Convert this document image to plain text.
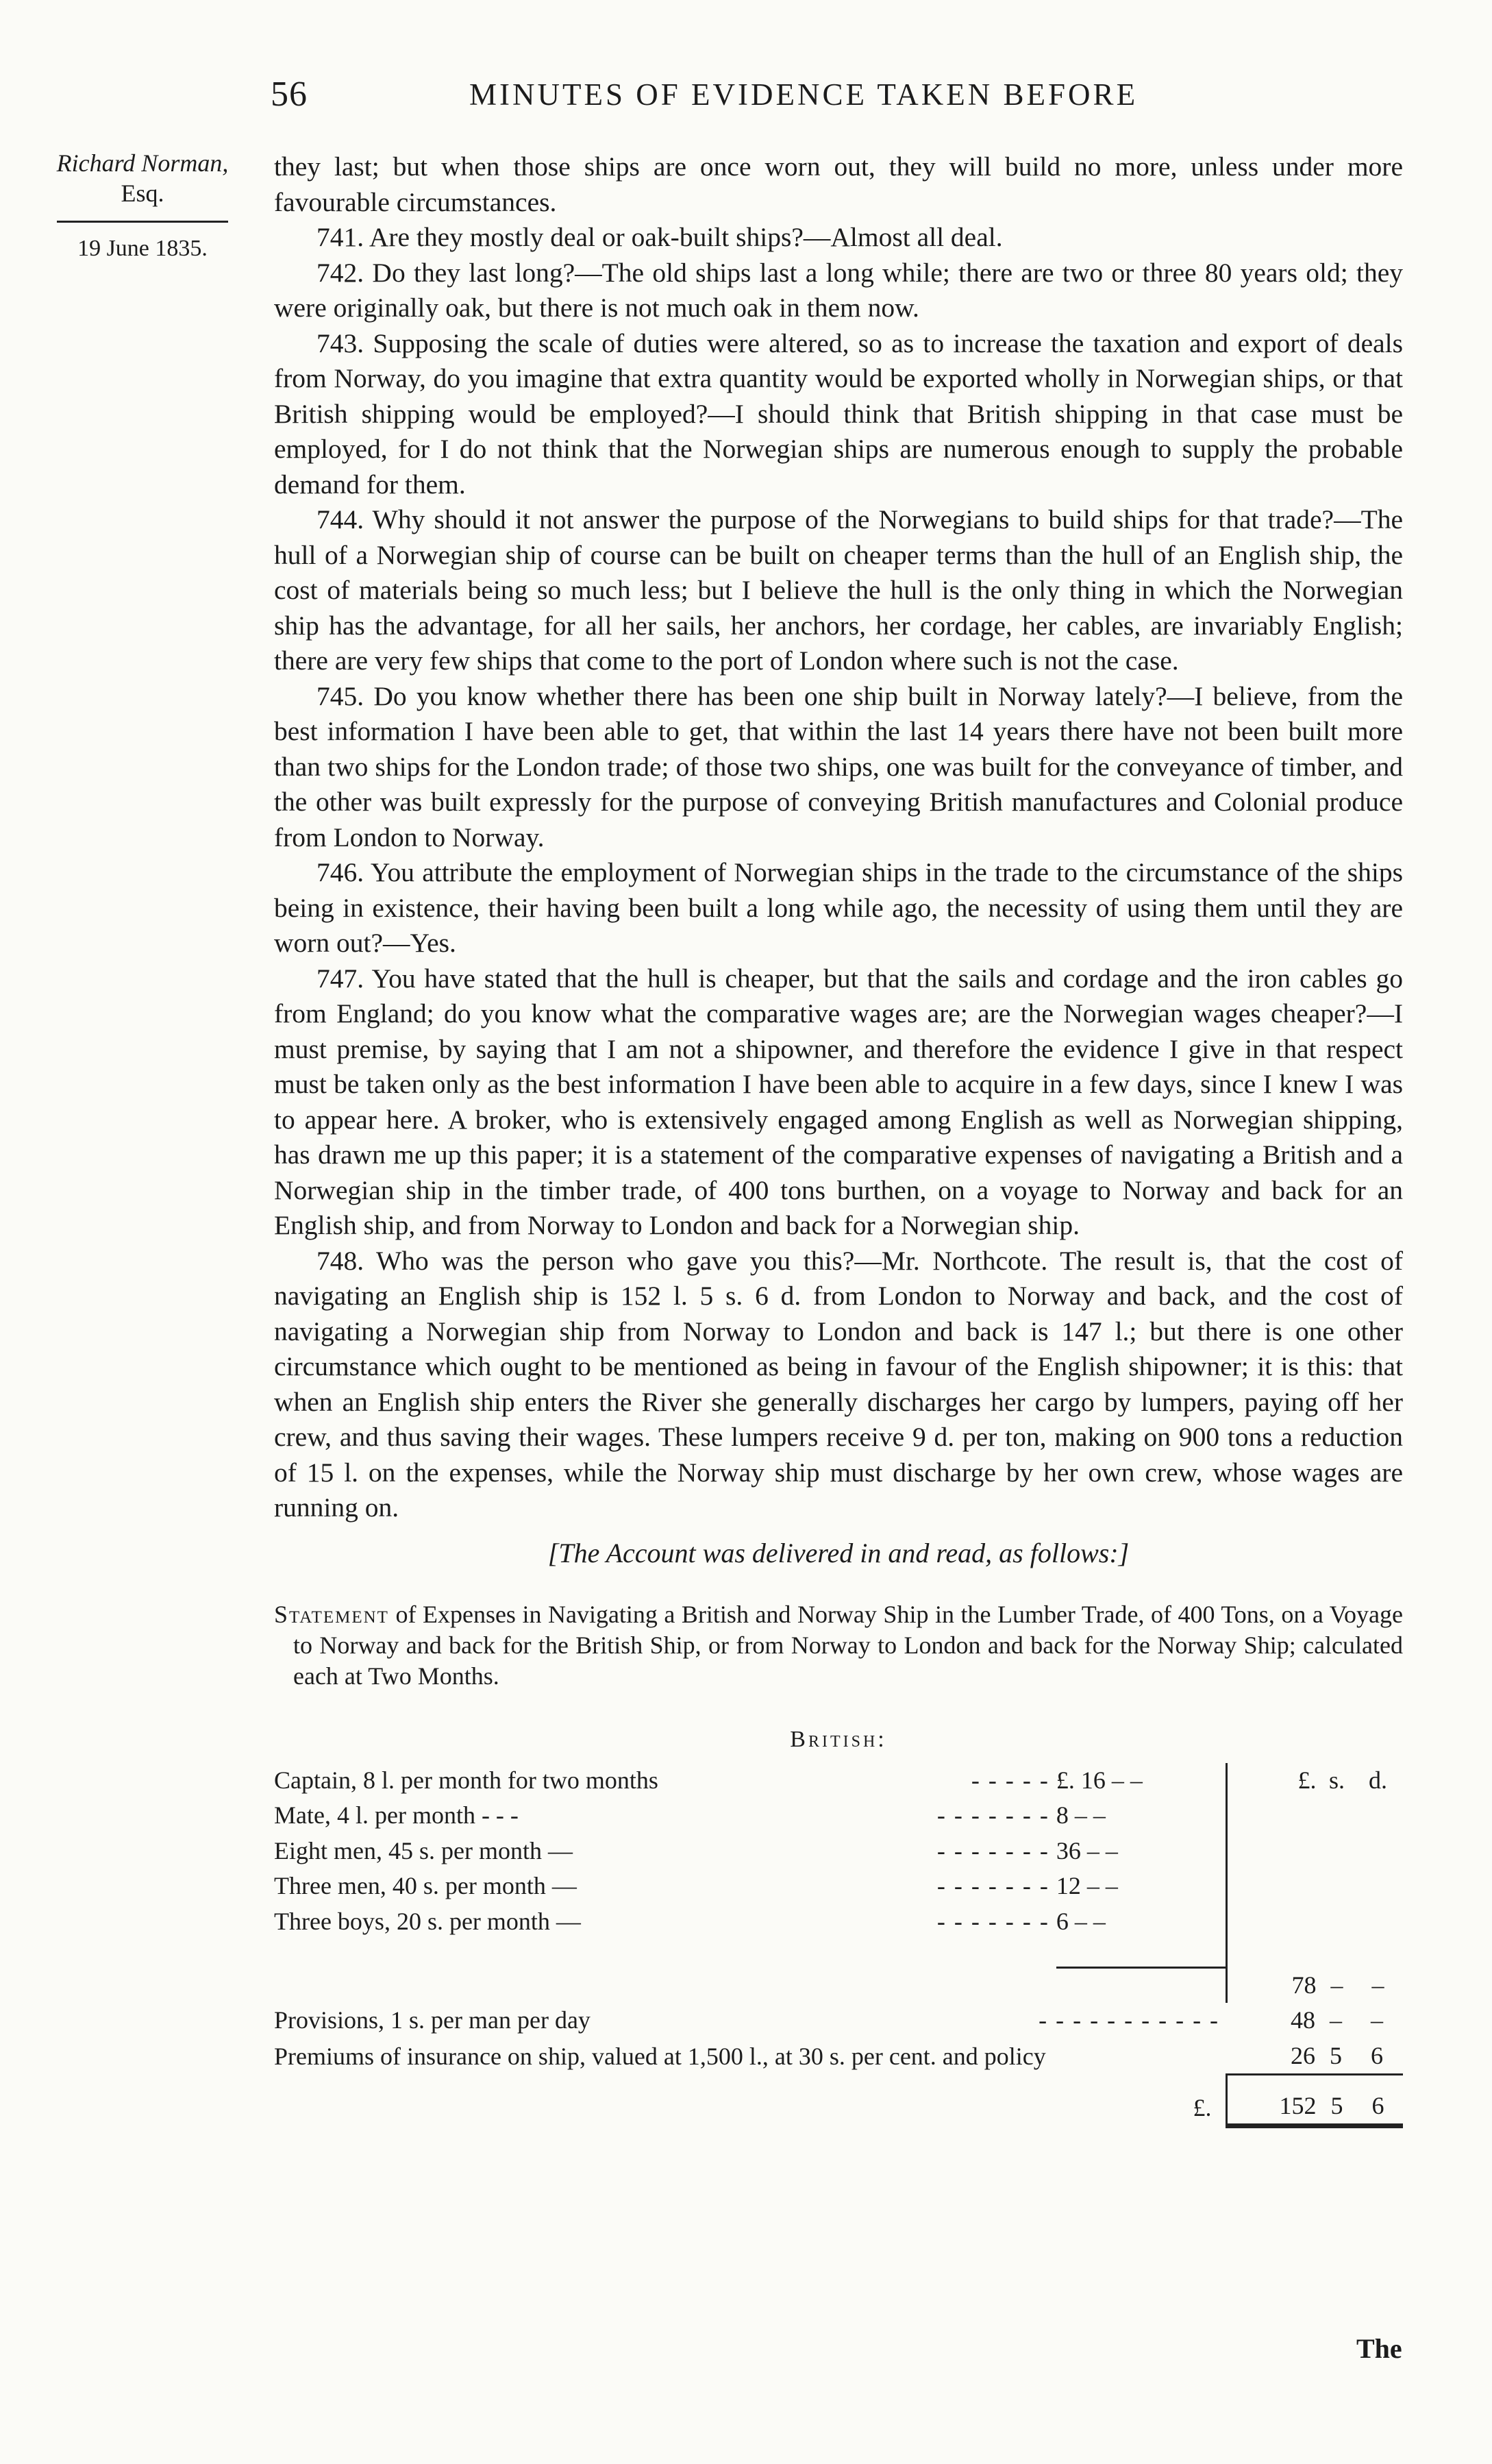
56	MINUTES OF EVIDENCE TAKEN BEFORE
Richard Norman,
Esq.
19 June 1835.

they last; but when those ships are once worn out, they will build no more, unless under more favourable circumstances.

741. Are they mostly deal or oak-built ships?—Almost all deal.

742. Do they last long?—The old ships last a long while; there are two or three 80 years old; they were originally oak, but there is not much oak in them now.

743. Supposing the scale of duties were altered, so as to increase the taxation and export of deals from Norway, do you imagine that extra quantity would be exported wholly in Norwegian ships, or that British shipping would be employed?—I should think that British shipping in that case must be employed, for I do not think that the Norwegian ships are numerous enough to supply the probable demand for them.

744. Why should it not answer the purpose of the Norwegians to build ships for that trade?—The hull of a Norwegian ship of course can be built on cheaper terms than the hull of an English ship, the cost of materials being so much less; but I believe the hull is the only thing in which the Norwegian ship has the advantage, for all her sails, her anchors, her cordage, her cables, are invariably English; there are very few ships that come to the port of London where such is not the case.

745. Do you know whether there has been one ship built in Norway lately?—I believe, from the best information I have been able to get, that within the last 14 years there have not been built more than two ships for the London trade; of those two ships, one was built for the conveyance of timber, and the other was built expressly for the purpose of conveying British manufactures and Colonial produce from London to Norway.

746. You attribute the employment of Norwegian ships in the trade to the circumstance of the ships being in existence, their having been built a long while ago, the necessity of using them until they are worn out?—Yes.

747. You have stated that the hull is cheaper, but that the sails and cordage and the iron cables go from England; do you know what the comparative wages are; are the Norwegian wages cheaper?—I must premise, by saying that I am not a shipowner, and therefore the evidence I give in that respect must be taken only as the best information I have been able to acquire in a few days, since I knew I was to appear here. A broker, who is extensively engaged among English as well as Norwegian shipping, has drawn me up this paper; it is a statement of the comparative expenses of navigating a British and a Norwegian ship in the timber trade, of 400 tons burthen, on a voyage to Norway and back for an English ship, and from Norway to London and back for a Norwegian ship.

748. Who was the person who gave you this?—Mr. Northcote. The result is, that the cost of navigating an English ship is 152 l. 5 s. 6 d. from London to Norway and back, and the cost of navigating a Norwegian ship from Norway to London and back is 147 l.; but there is one other circumstance which ought to be mentioned as being in favour of the English shipowner; it is this: that when an English ship enters the River she generally discharges her cargo by lumpers, paying off her crew, and thus saving their wages. These lumpers receive 9 d. per ton, making on 900 tons a reduction of 15 l. on the expenses, while the Norway ship must discharge by her own crew, whose wages are running on.

[The Account was delivered in and read, as follows:]

Statement of Expenses in Navigating a British and Norway Ship in the Lumber Trade, of 400 Tons, on a Voyage to Norway and back for the British Ship, or from Norway to London and back for the Norway Ship; calculated each at Two Months.

British:
Captain, 8 l. per month for two months	- - - - -	£. 16 – –	£. s. d.
Mate, 4 l. per month - - -	- - - - - - -	8 – –	
Eight men, 45 s. per month —	- - - - - - -	36 – –	
Three men, 40 s. per month —	- - - - - - -	12 – –	
Three boys, 20 s. per month —	- - - - - - -	6 – –	

			78 – –
Provisions, 1 s. per man per day	- - - - - - - - - - -		48 – –
Premiums of insurance on ship, valued at 1,500 l., at 30 s. per cent. and policy			26 5 6
		£.	152 5 6
The
